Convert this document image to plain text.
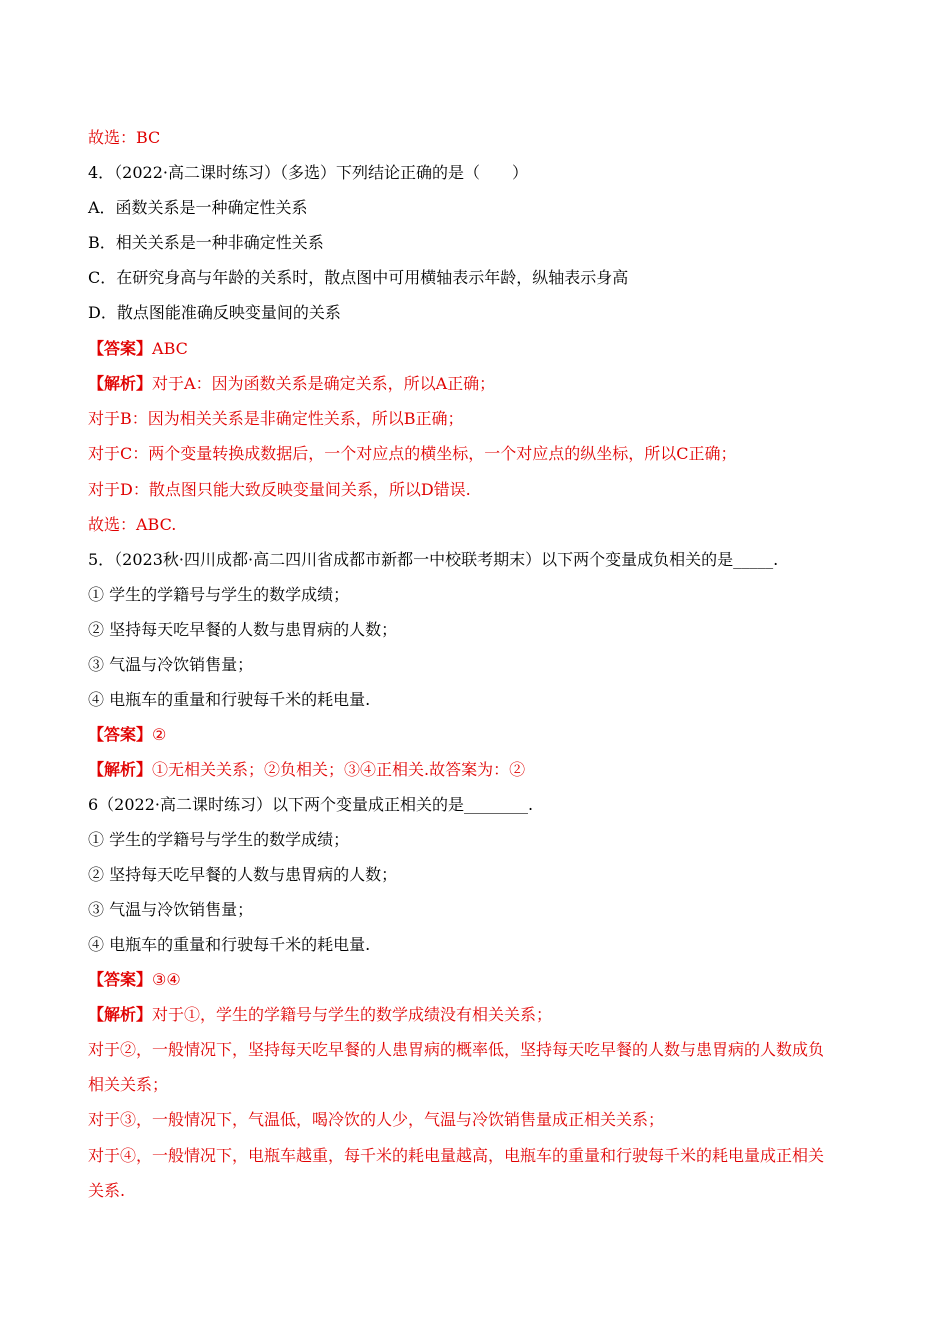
故选：BC
4．（2022·高二课时练习）（多选）下列结论正确的是（　　）
A．函数关系是一种确定性关系
B．相关关系是一种非确定性关系
C．在研究身高与年龄的关系时，散点图中可用横轴表示年龄，纵轴表示身高
D．散点图能准确反映变量间的关系
【答案】ABC
【解析】对于A：因为函数关系是确定关系，所以A正确；
对于B：因为相关关系是非确定性关系，所以B正确；
对于C：两个变量转换成数据后，一个对应点的横坐标，一个对应点的纵坐标，所以C正确；
对于D：散点图只能大致反映变量间关系，所以D错误.
故选：ABC.
5．（2023秋·四川成都·高二四川省成都市新都一中校联考期末）以下两个变量成负相关的是_____.
① 学生的学籍号与学生的数学成绩；
② 坚持每天吃早餐的人数与患胃病的人数；
③ 气温与冷饮销售量；
④ 电瓶车的重量和行驶每千米的耗电量.
【答案】②
【解析】①无相关关系；②负相关；③④正相关.故答案为：②
6（2022·高二课时练习）以下两个变量成正相关的是________.
① 学生的学籍号与学生的数学成绩；
② 坚持每天吃早餐的人数与患胃病的人数；
③ 气温与冷饮销售量；
④ 电瓶车的重量和行驶每千米的耗电量.
【答案】③④
【解析】对于①，学生的学籍号与学生的数学成绩没有相关关系；
对于②，一般情况下，坚持每天吃早餐的人患胃病的概率低，坚持每天吃早餐的人数与患胃病的人数成负
相关关系；
对于③，一般情况下，气温低，喝冷饮的人少，气温与冷饮销售量成正相关关系；
对于④，一般情况下，电瓶车越重，每千米的耗电量越高，电瓶车的重量和行驶每千米的耗电量成正相关
关系.
